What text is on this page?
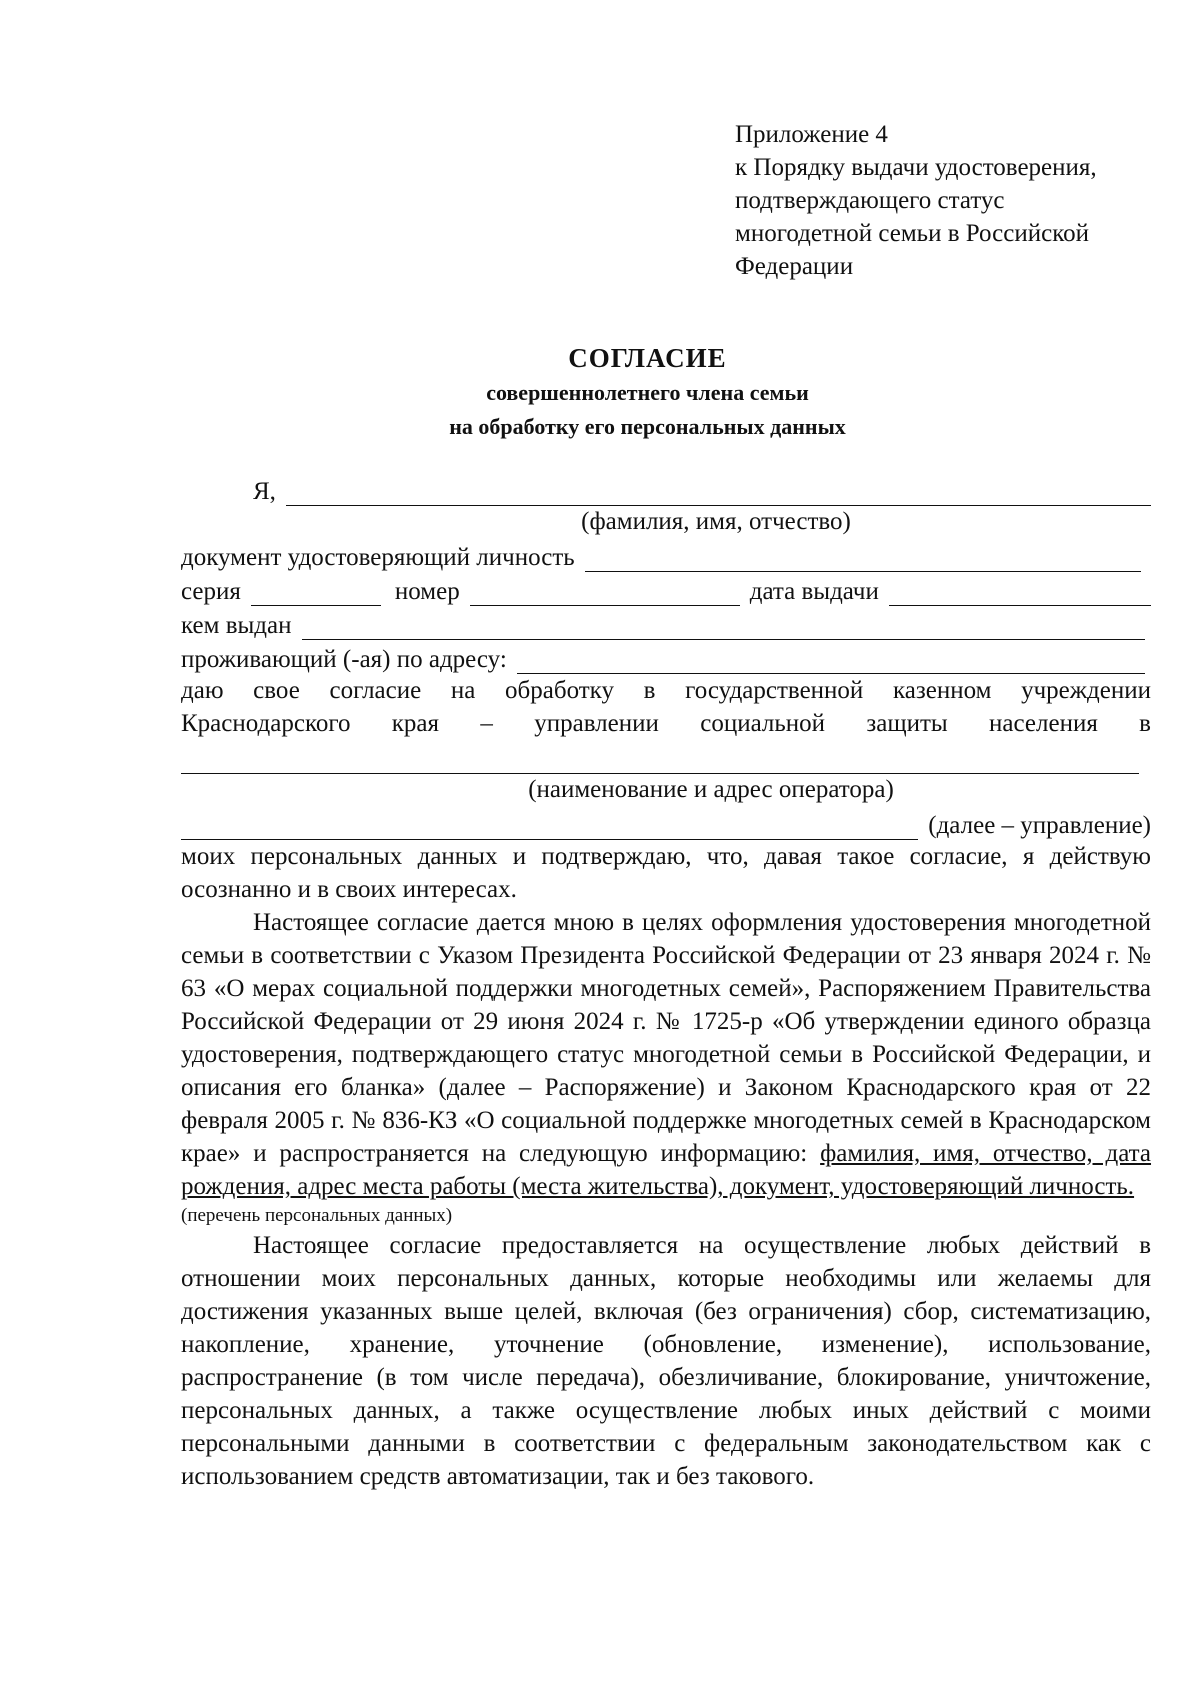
Приложение 4
к Порядку выдачи удостоверения,
подтверждающего статус
многодетной семьи в Российской
Федерации
СОГЛАСИЕ
совершеннолетнего члена семьи
на обработку его персональных данных
Я,
(фамилия, имя, отчество)
документ удостоверяющий личность
серия	номер	дата выдачи
кем выдан
проживающий (-ая) по адресу:
даю свое согласие на обработку в государственной казенном учреждении
Краснодарского края – управлении социальной защиты населения в
(наименование и адрес оператора)
(далее – управление)
моих персональных данных и подтверждаю, что, давая такое согласие, я действую осознанно и в своих интересах.
Настоящее согласие дается мною в целях оформления удостоверения многодетной семьи в соответствии с Указом Президента Российской Федерации от 23 января 2024 г. № 63 «О мерах социальной поддержки многодетных семей», Распоряжением Правительства Российской Федерации от 29 июня 2024 г. № 1725-р «Об утверждении единого образца удостоверения, подтверждающего статус многодетной семьи в Российской Федерации, и описания его бланка» (далее – Распоряжение) и Законом Краснодарского края от 22 февраля 2005 г. № 836-КЗ «О социальной поддержке многодетных семей в Краснодарском крае» и распространяется на следующую информацию: фамилия, имя, отчество, дата рождения, адрес места работы (места жительства), документ, удостоверяющий личность.
(перечень персональных данных)
Настоящее согласие предоставляется на осуществление любых действий в отношении моих персональных данных, которые необходимы или желаемы для достижения указанных выше целей, включая (без ограничения) сбор, систематизацию, накопление, хранение, уточнение (обновление, изменение), использование, распространение (в том числе передача), обезличивание, блокирование, уничтожение, персональных данных, а также осуществление любых иных действий с моими персональными данными в соответствии с федеральным законодательством как с использованием средств автоматизации, так и без такового.
